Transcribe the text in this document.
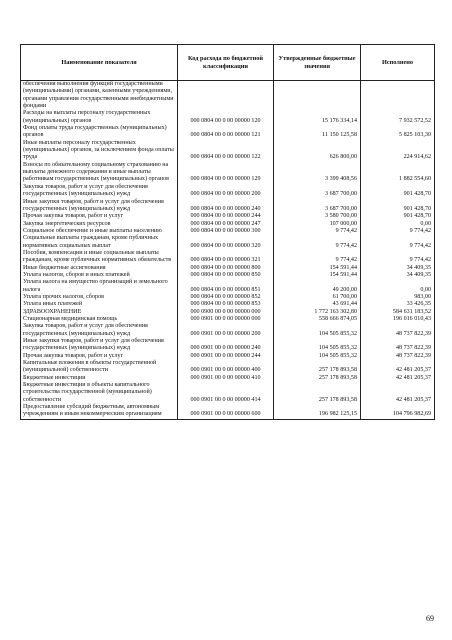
Наименование показателя	Код расхода по бюджетной классификации	Утвержденные бюджетные значения	Исполнено
обеспечения выполнения функций государственными (муниципальными) органами, казенными учреждениями, органами управления государственными внебюджетными фондами			
Расходы на выплаты персоналу государственных (муниципальных) органов	000 0804 00 0 00 00000 120	15 176 334,14	7 932 572,52
Фонд оплаты труда государственных (муниципальных) органов	000 0804 00 0 00 00000 121	11 150 125,58	5 825 103,30
Иные выплаты персоналу государственных (муниципальных) органов, за исключением фонда оплаты труда	000 0804 00 0 00 00000 122	626 800,00	224 914,62
Взносы по обязательному социальному страхованию на выплаты денежного содержания и иные выплаты работникам государственных (муниципальных) органов	000 0804 00 0 00 00000 129	3 399 408,56	1 882 554,60
Закупка товаров, работ и услуг для обеспечения государственных (муниципальных) нужд	000 0804 00 0 00 00000 200	3 687 700,00	901 428,70
Иные закупки товаров, работ и услуг для обеспечения государственных (муниципальных) нужд	000 0804 00 0 00 00000 240	3 687 700,00	901 428,70
Прочая закупка товаров, работ и услуг	000 0804 00 0 00 00000 244	3 580 700,00	901 428,70
Закупка энергетических ресурсов	000 0804 00 0 00 00000 247	107 000,00	0,00
Социальное обеспечение и иные выплаты населению	000 0804 00 0 00 00000 300	9 774,42	9 774,42
Социальные выплаты гражданам, кроме публичных нормативных социальных выплат	000 0804 00 0 00 00000 320	9 774,42	9 774,42
Пособия, компенсации и иные социальные выплаты гражданам, кроме публичных нормативных обязательств	000 0804 00 0 00 00000 321	9 774,42	9 774,42
Иные бюджетные ассигнования	000 0804 00 0 00 00000 800	154 591,44	34 409,35
Уплата налогов, сборов и иных платежей	000 0804 00 0 00 00000 850	154 591,44	34 409,35
Уплата налога на имущество организаций и земельного налога	000 0804 00 0 00 00000 851	49 200,00	0,00
Уплата прочих налогов, сборов	000 0804 00 0 00 00000 852	61 700,00	983,00
Уплата иных платежей	000 0804 00 0 00 00000 853	43 691,44	33 426,35
ЗДРАВООХРАНЕНИЕ	000 0900 00 0 00 00000 000	1 772 163 302,80	584 631 183,52
Стационарная медицинская помощь	000 0901 00 0 00 00000 000	558 666 874,05	196 016 010,43
Закупка товаров, работ и услуг для обеспечения государственных (муниципальных) нужд	000 0901 00 0 00 00000 200	104 505 855,32	48 737 822,39
Иные закупки товаров, работ и услуг для обеспечения государственных (муниципальных) нужд	000 0901 00 0 00 00000 240	104 505 855,32	48 737 822,39
Прочая закупка товаров, работ и услуг	000 0901 00 0 00 00000 244	104 505 855,32	48 737 822,39
Капитальные вложения в объекты государственной (муниципальной) собственности	000 0901 00 0 00 00000 400	257 178 893,58	42 481 205,37
Бюджетные инвестиции	000 0901 00 0 00 00000 410	257 178 893,58	42 481 205,37
Бюджетные инвестиции в объекты капитального строительства государственной (муниципальной) собственности	000 0901 00 0 00 00000 414	257 178 893,58	42 481 205,37
Предоставление субсидий бюджетным, автономным учреждениям и иным некоммерческим организациям	000 0901 00 0 00 00000 600	196 982 125,15	104 796 982,69
69
